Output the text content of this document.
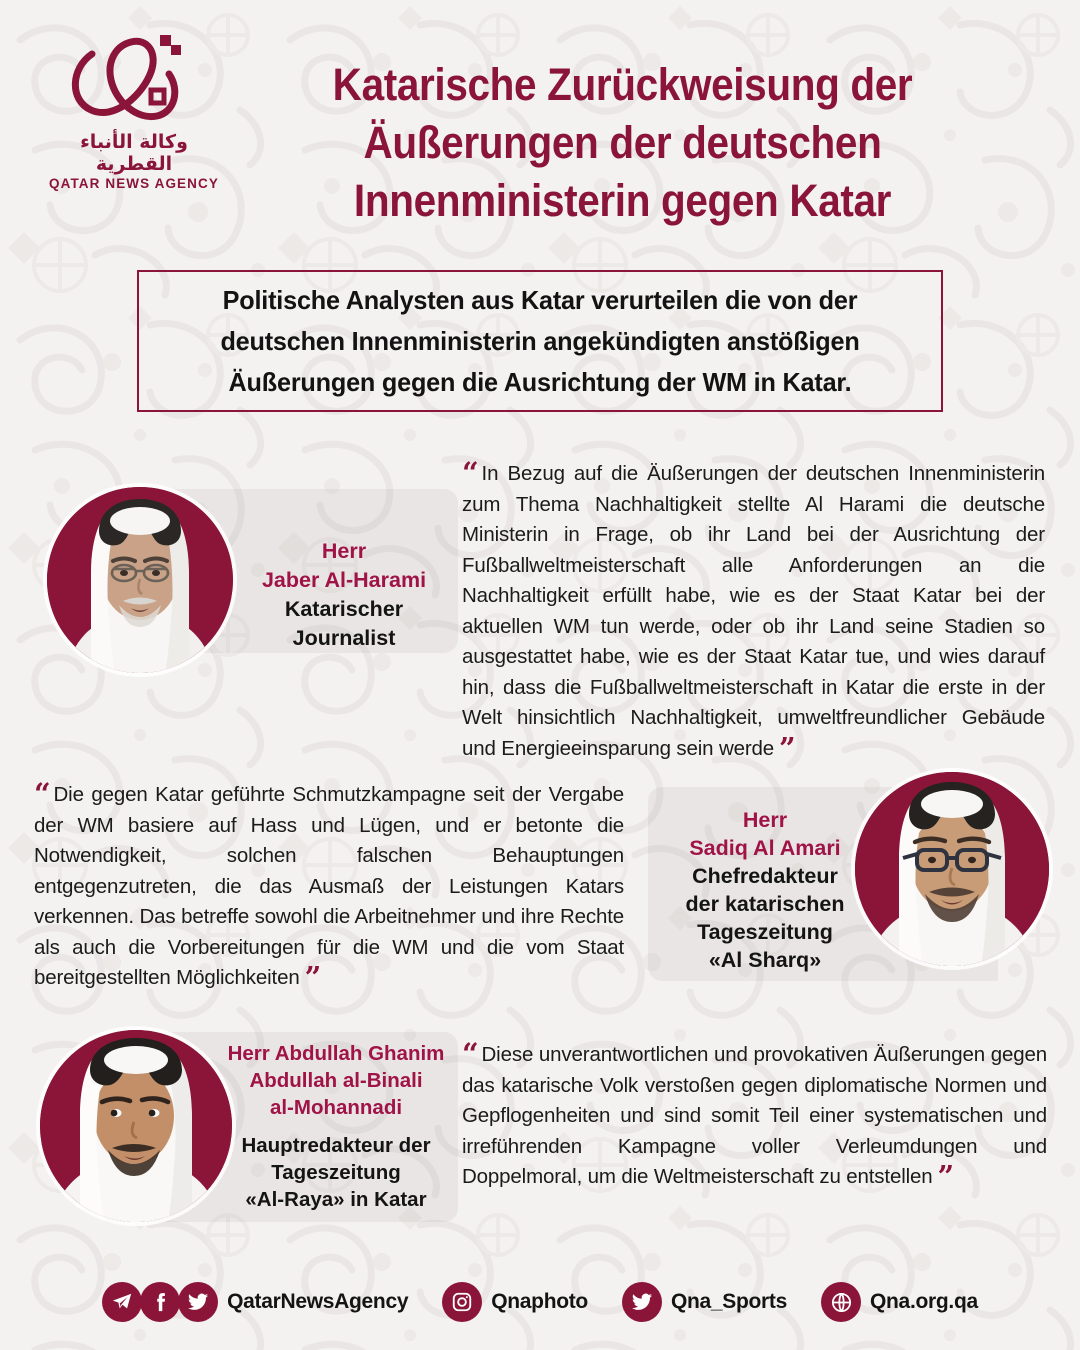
وكالة الأنباء القطرية
QATAR NEWS AGENCY
Katarische Zurückweisung der
Äußerungen der deutschen
Innenministerin gegen Katar

Politische Analysten aus Katar verurteilen die von der deutschen Innenministerin angekündigten anstößigen Äußerungen gegen die Ausrichtung der WM in Katar.

Herr
Jaber Al-Harami
Katarischer
Journalist

“ In Bezug auf die Äußerungen der deutschen Innenministerin zum Thema Nachhaltigkeit stellte Al Harami die deutsche Ministerin in Frage, ob ihr Land bei der Ausrichtung der Fußballweltmeisterschaft alle Anforderungen an die Nachhaltigkeit erfüllt habe, wie es der Staat Katar bei der aktuellen WM tun werde, oder ob ihr Land seine Stadien so ausgestattet habe, wie es der Staat Katar tue, und wies darauf hin, dass die Fußballweltmeisterschaft in Katar die erste in der Welt hinsichtlich Nachhaltigkeit, umweltfreundlicher Gebäude und Energieeinsparung sein werde ”

Herr
Sadiq Al Amari
Chefredakteur
der katarischen
Tageszeitung
«Al Sharq»

“ Die gegen Katar geführte Schmutzkampagne seit der Vergabe der WM basiere auf Hass und Lügen, und er betonte die Notwendigkeit, solchen falschen Behauptungen entgegenzutreten, die das Ausmaß der Leistungen Katars verkennen. Das betreffe sowohl die Arbeitnehmer und ihre Rechte als auch die Vorbereitungen für die WM und die vom Staat bereitgestellten Möglichkeiten ”

Herr Abdullah Ghanim
Abdullah al-Binali
al-Mohannadi
Hauptredakteur der
Tageszeitung
«Al-Raya» in Katar

“ Diese unverantwortlichen und provokativen Äußerungen gegen das katarische Volk verstoßen gegen diplomatische Normen und Gepflogenheiten und sind somit Teil einer systematischen und irreführenden Kampagne voller Verleumdungen und Doppelmoral, um die Weltmeisterschaft zu entstellen ”

QatarNewsAgency	Qnaphoto	Qna_Sports	Qna.org.qa
